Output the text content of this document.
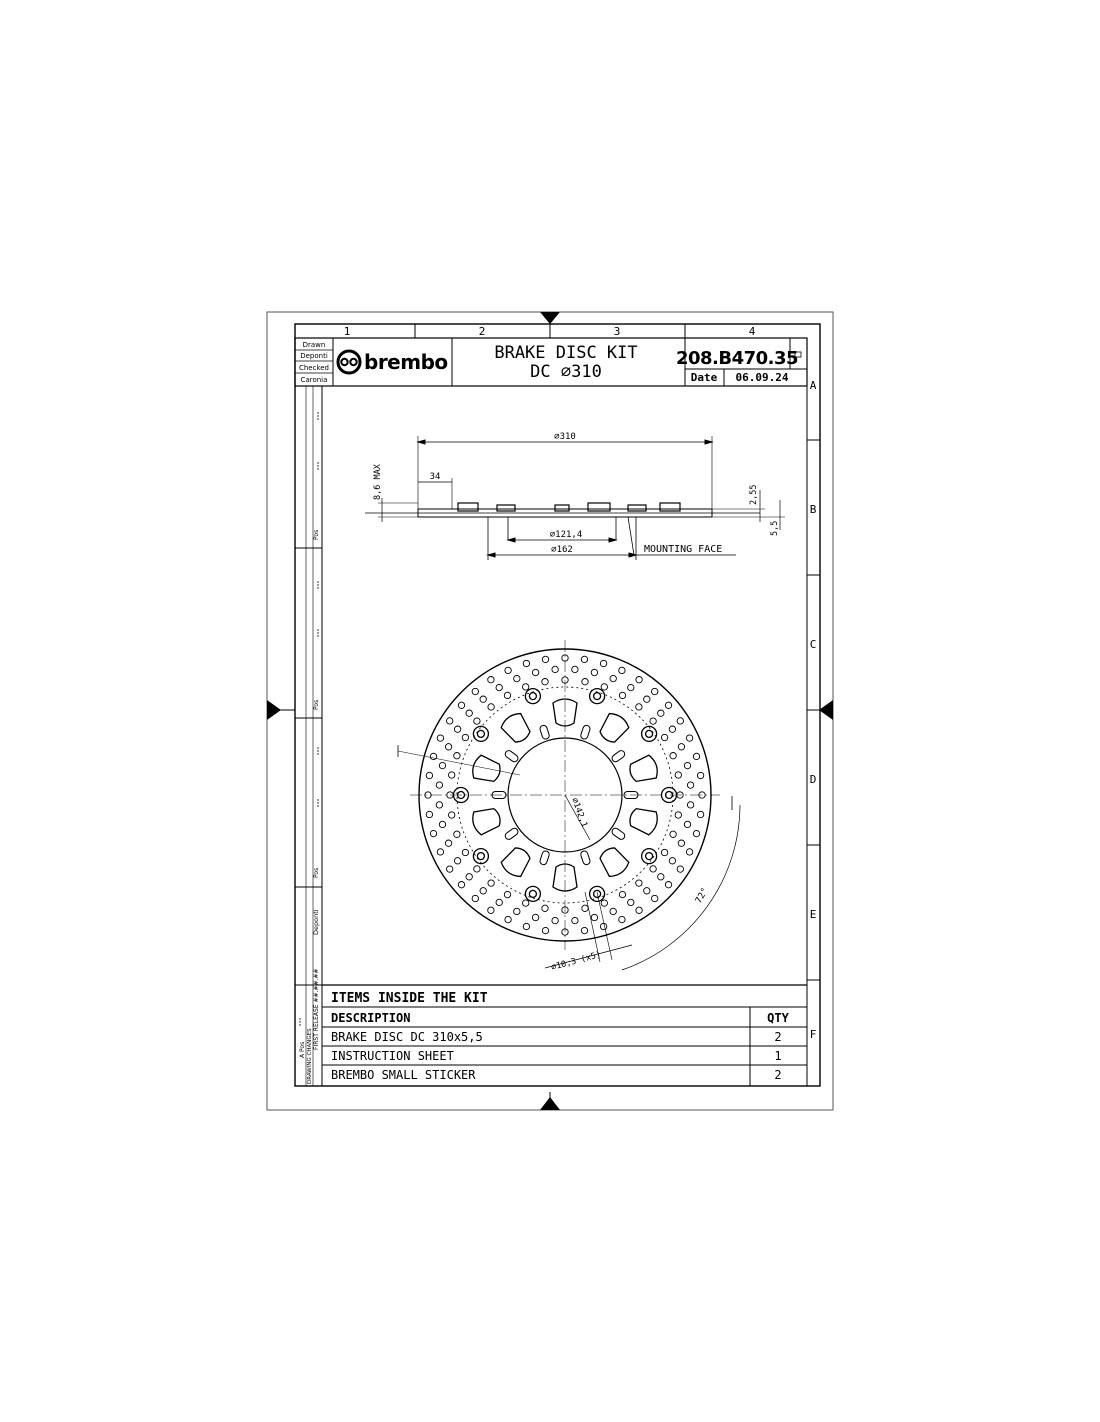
1	2	3	4
A
B
C
D
E
F
Drawn
Deponti
Checked
Caronia
brembo	BRAKE DISC KIT
DC ∅310
208.B470.35
Date 06.09.24
Pos
Pos
Pos
Deponti
FIRST RELEASE ##.##.##
A Pos DRAWING CHANGES
∅310
34
8,6 MAX	2,55
5,5
∅121,4
∅162	MOUNTING FACE
∅142,1
72°
∅10,3 (x5)
ITEMS INSIDE THE KIT
DESCRIPTION	QTY
BRAKE DISC DC 310x5,5	2
INSTRUCTION SHEET	1
BREMBO SMALL STICKER	2
